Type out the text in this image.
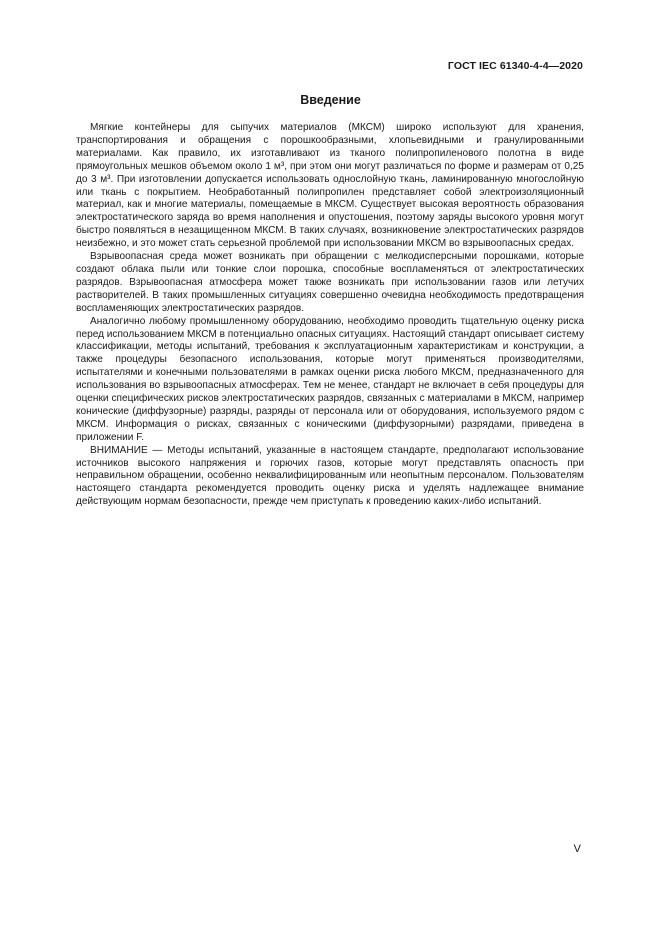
ГОСТ IEC 61340-4-4—2020
Введение

Мягкие контейнеры для сыпучих материалов (МКСМ) широко используют для хранения, транспортирования и обращения с порошкообразными, хлопьевидными и гранулированными материалами. Как правило, их изготавливают из тканого полипропиленового полотна в виде прямоугольных мешков объемом около 1 м³, при этом они могут различаться по форме и размерам от 0,25 до 3 м³. При изготовлении допускается использовать однослойную ткань, ламинированную многослойную или ткань с покрытием. Необработанный полипропилен представляет собой электроизоляционный материал, как и многие материалы, помещаемые в МКСМ. Существует высокая вероятность образования электростатического заряда во время наполнения и опустошения, поэтому заряды высокого уровня могут быстро появляться в незащищенном МКСМ. В таких случаях, возникновение электростатических разрядов неизбежно, и это может стать серьезной проблемой при использовании МКСМ во взрывоопасных средах.

Взрывоопасная среда может возникать при обращении с мелкодисперсными порошками, которые создают облака пыли или тонкие слои порошка, способные воспламеняться от электростатических разрядов. Взрывоопасная атмосфера может также возникать при использовании газов или летучих растворителей. В таких промышленных ситуациях совершенно очевидна необходимость предотвращения воспламеняющих электростатических разрядов.

Аналогично любому промышленному оборудованию, необходимо проводить тщательную оценку риска перед использованием МКСМ в потенциально опасных ситуациях. Настоящий стандарт описывает систему классификации, методы испытаний, требования к эксплуатационным характеристикам и конструкции, а также процедуры безопасного использования, которые могут применяться производителями, испытателями и конечными пользователями в рамках оценки риска любого МКСМ, предназначенного для использования во взрывоопасных атмосферах. Тем не менее, стандарт не включает в себя процедуры для оценки специфических рисков электростатических разрядов, связанных с материалами в МКСМ, например конические (диффузорные) разряды, разряды от персонала или от оборудования, используемого рядом с МКСМ. Информация о рисках, связанных с коническими (диффузорными) разрядами, приведена в приложении F.

ВНИМАНИЕ — Методы испытаний, указанные в настоящем стандарте, предполагают использование источников высокого напряжения и горючих газов, которые могут представлять опасность при неправильном обращении, особенно неквалифицированным или неопытным персоналом. Пользователям настоящего стандарта рекомендуется проводить оценку риска и уделять надлежащее внимание действующим нормам безопасности, прежде чем приступать к проведению каких-либо испытаний.

V
